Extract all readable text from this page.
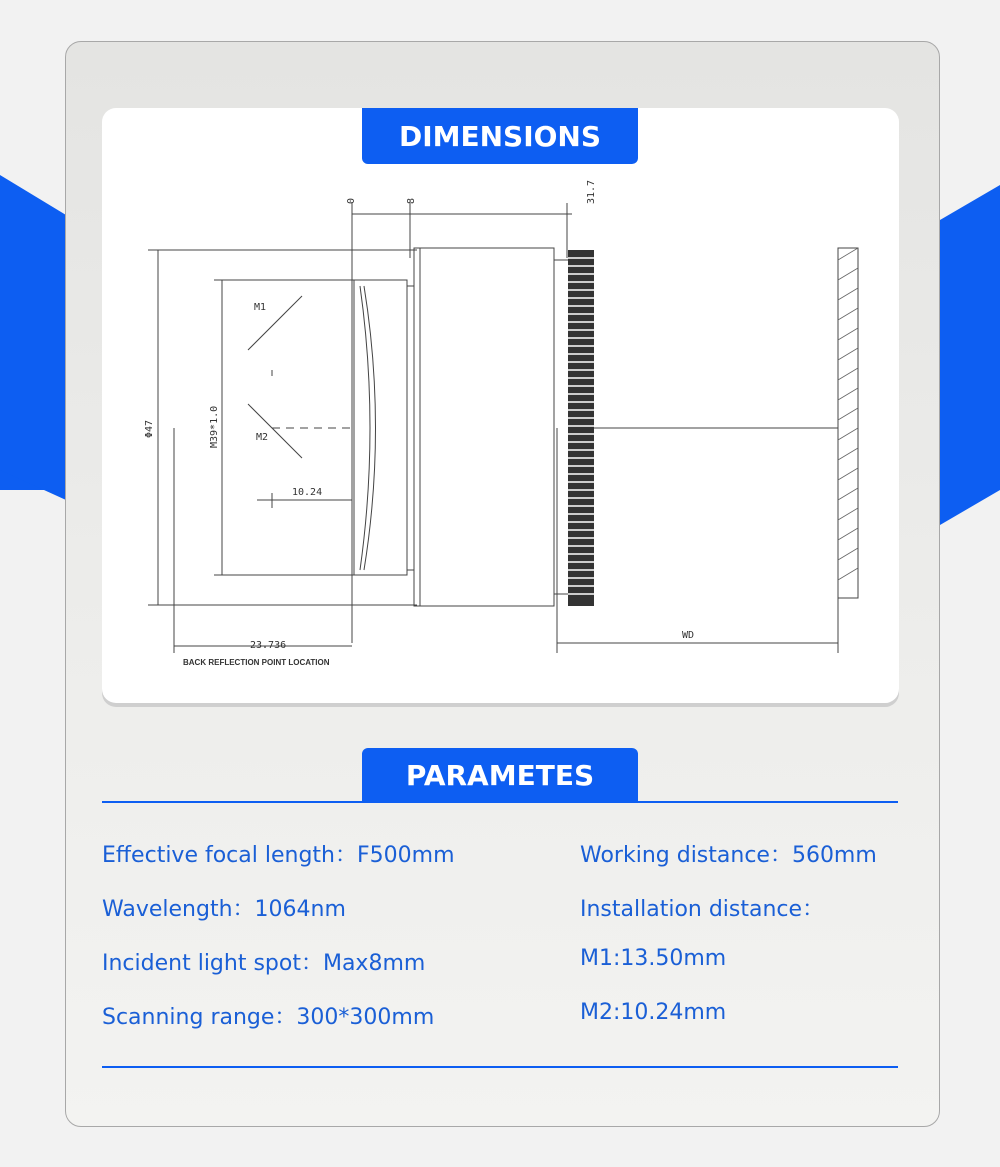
DIMENSIONS
0	8	31.7
M1
M2
Φ47	M39*1.0
10.24
23.736
WD
BACK REFLECTION POINT LOCATION
PARAMETES
Effective focal length：F500mm
Wavelength：1064nm
Incident light spot：Max8mm
Scanning range：300*300mm
Working distance：560mm
Installation distance：
M1:13.50mm
M2:10.24mm
